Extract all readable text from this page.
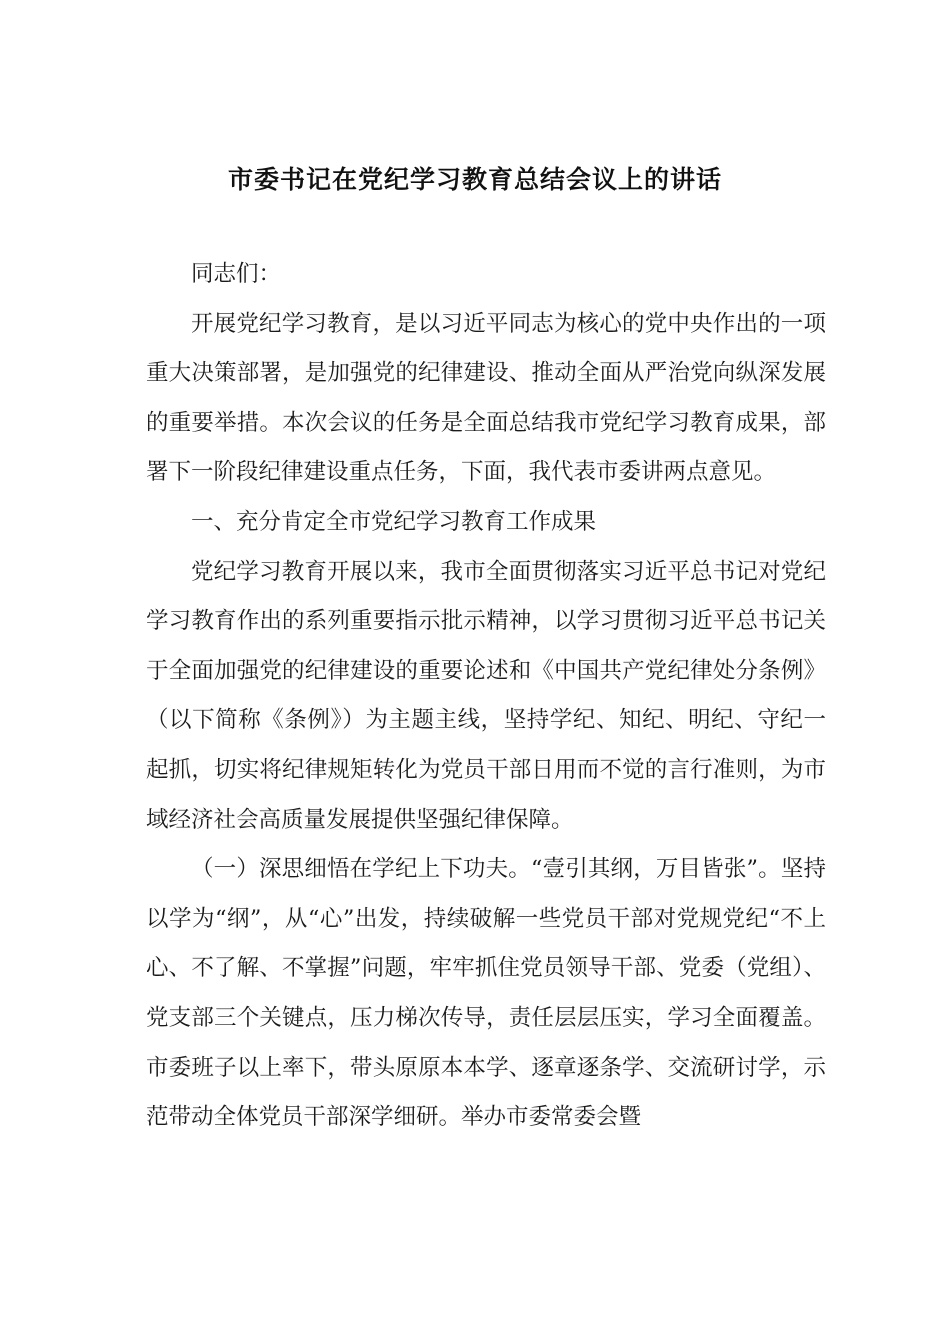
市委书记在党纪学习教育总结会议上的讲话

同志们：

开展党纪学习教育，是以习近平同志为核心的党中央作出的一项重大决策部署，是加强党的纪律建设、推动全面从严治党向纵深发展的重要举措。本次会议的任务是全面总结我市党纪学习教育成果，部署下一阶段纪律建设重点任务，下面，我代表市委讲两点意见。

一、充分肯定全市党纪学习教育工作成果

党纪学习教育开展以来，我市全面贯彻落实习近平总书记对党纪学习教育作出的系列重要指示批示精神，以学习贯彻习近平总书记关于全面加强党的纪律建设的重要论述和《中国共产党纪律处分条例》（以下简称《条例》）为主题主线，坚持学纪、知纪、明纪、守纪一起抓，切实将纪律规矩转化为党员干部日用而不觉的言行准则，为市域经济社会高质量发展提供坚强纪律保障。

（一）深思细悟在学纪上下功夫。“壹引其纲，万目皆张”。坚持以学为“纲”，从“心”出发，持续破解一些党员干部对党规党纪“不上心、不了解、不掌握”问题，牢牢抓住党员领导干部、党委（党组）、党支部三个关键点，压力梯次传导，责任层层压实，学习全面覆盖。市委班子以上率下，带头原原本本学、逐章逐条学、交流研讨学，示范带动全体党员干部深学细研。举办市委常委会暨
